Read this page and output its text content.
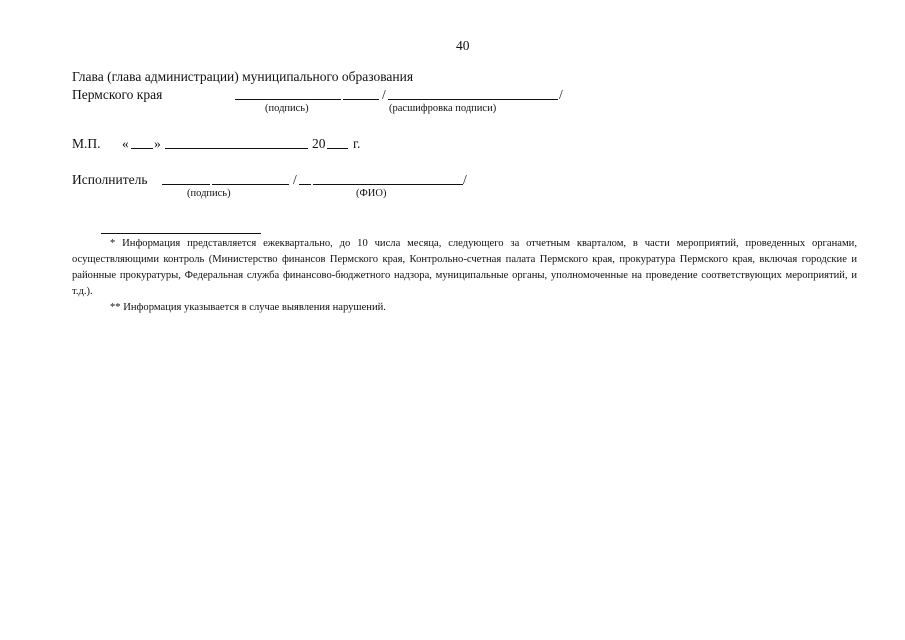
40
Глава (глава администрации) муниципального образования
Пермского края	/	/
(подпись)	(расшифровка подписи)
М.П. « »	20 г.
Исполнитель	/	/
(подпись)	(ФИО)

* Информация представляется ежеквартально, до 10 числа месяца, следующего за отчетным кварталом, в части мероприятий, проведенных органами, осуществляющими контроль (Министерство финансов Пермского края, Контрольно-счетная палата Пермского края, прокуратура Пермского края, включая городские и районные прокуратуры, Федеральная служба финансово-бюджетного надзора, муниципальные органы, уполномоченные на проведение соответствующих мероприятий, и т.д.).

** Информация указывается в случае выявления нарушений.
